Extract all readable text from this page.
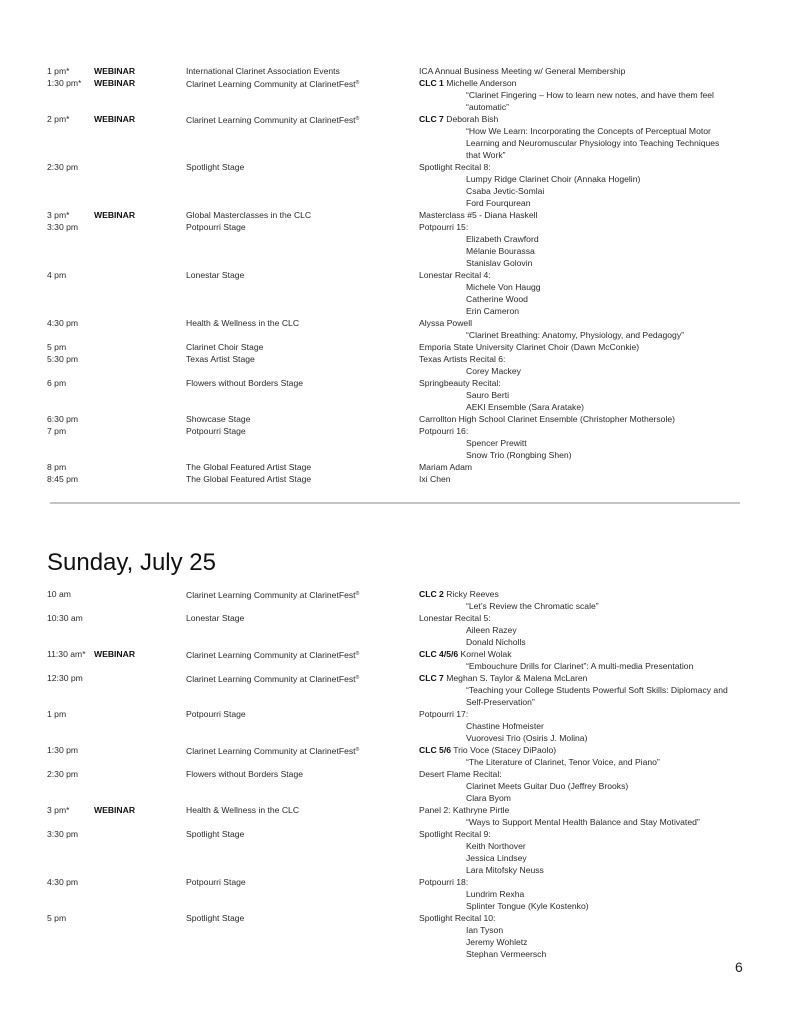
1 pm*	WEBINAR	International Clarinet Association Events	ICA Annual Business Meeting w/ General Membership
1:30 pm* WEBINAR	Clarinet Learning Community at ClarinetFest®	CLC 1 Michelle Anderson
“Clarinet Fingering – How to learn new notes, and have them feel
“automatic”
2 pm*	WEBINAR	Clarinet Learning Community at ClarinetFest®	CLC 7 Deborah Bish
“How We Learn: Incorporating the Concepts of Perceptual Motor
Learning and Neuromuscular Physiology into Teaching Techniques
that Work”
2:30 pm	Spotlight Stage	Spotlight Recital 8:
Lumpy Ridge Clarinet Choir (Annaka Hogelin)
Csaba Jevtic-Somlai
Ford Fourqurean
3 pm*	WEBINAR	Global Masterclasses in the CLC	Masterclass #5 - Diana Haskell
3:30 pm	Potpourri Stage	Potpourri 15:
Elizabeth Crawford
Mélanie Bourassa
Stanislav Golovin
4 pm	Lonestar Stage	Lonestar Recital 4:
Michele Von Haugg
Catherine Wood
Erin Cameron
4:30 pm	Health & Wellness in the CLC	Alyssa Powell
“Clarinet Breathing: Anatomy, Physiology, and Pedagogy”
5 pm	Clarinet Choir Stage	Emporia State University Clarinet Choir (Dawn McConkie)
5:30 pm	Texas Artist Stage	Texas Artists Recital 6:
Corey Mackey
6 pm	Flowers without Borders Stage	Springbeauty Recital:
Sauro Berti
AEKI Ensemble (Sara Aratake)
6:30 pm	Showcase Stage	Carrollton High School Clarinet Ensemble (Christopher Mothersole)
7 pm	Potpourri Stage	Potpourri 16:
Spencer Prewitt
Snow Trio (Rongbing Shen)
8 pm	The Global Featured Artist Stage	Mariam Adam
8:45 pm	The Global Featured Artist Stage	Ixi Chen
Sunday, July 25
10 am	Clarinet Learning Community at ClarinetFest®	CLC 2 Ricky Reeves
“Let’s Review the Chromatic scale”
10:30 am	Lonestar Stage	Lonestar Recital 5:
Aileen Razey
Donald Nicholls
11:30 am* WEBINAR	Clarinet Learning Community at ClarinetFest®	CLC 4/5/6 Kornel Wolak
“Embouchure Drills for Clarinet”: A multi-media Presentation
12:30 pm	Clarinet Learning Community at ClarinetFest®	CLC 7 Meghan S. Taylor & Malena McLaren
“Teaching your College Students Powerful Soft Skills: Diplomacy and
Self-Preservation”
1 pm	Potpourri Stage	Potpourri 17:
Chastine Hofmeister
Vuorovesi Trio (Osiris J. Molina)
1:30 pm	Clarinet Learning Community at ClarinetFest®	CLC 5/6 Trio Voce (Stacey DiPaolo)
“The Literature of Clarinet, Tenor Voice, and Piano”
2:30 pm	Flowers without Borders Stage	Desert Flame Recital:
Clarinet Meets Guitar Duo (Jeffrey Brooks)
Clara Byom
3 pm*	WEBINAR	Health & Wellness in the CLC	Panel 2: Kathryne Pirtle
“Ways to Support Mental Health Balance and Stay Motivated”
3:30 pm	Spotlight Stage	Spotlight Recital 9:
Keith Northover
Jessica Lindsey
Lara Mitofsky Neuss
4:30 pm	Potpourri Stage	Potpourri 18:
Lundrim Rexha
Splinter Tongue (Kyle Kostenko)
5 pm	Spotlight Stage	Spotlight Recital 10:
Ian Tyson
Jeremy Wohletz
Stephan Vermeersch
6
